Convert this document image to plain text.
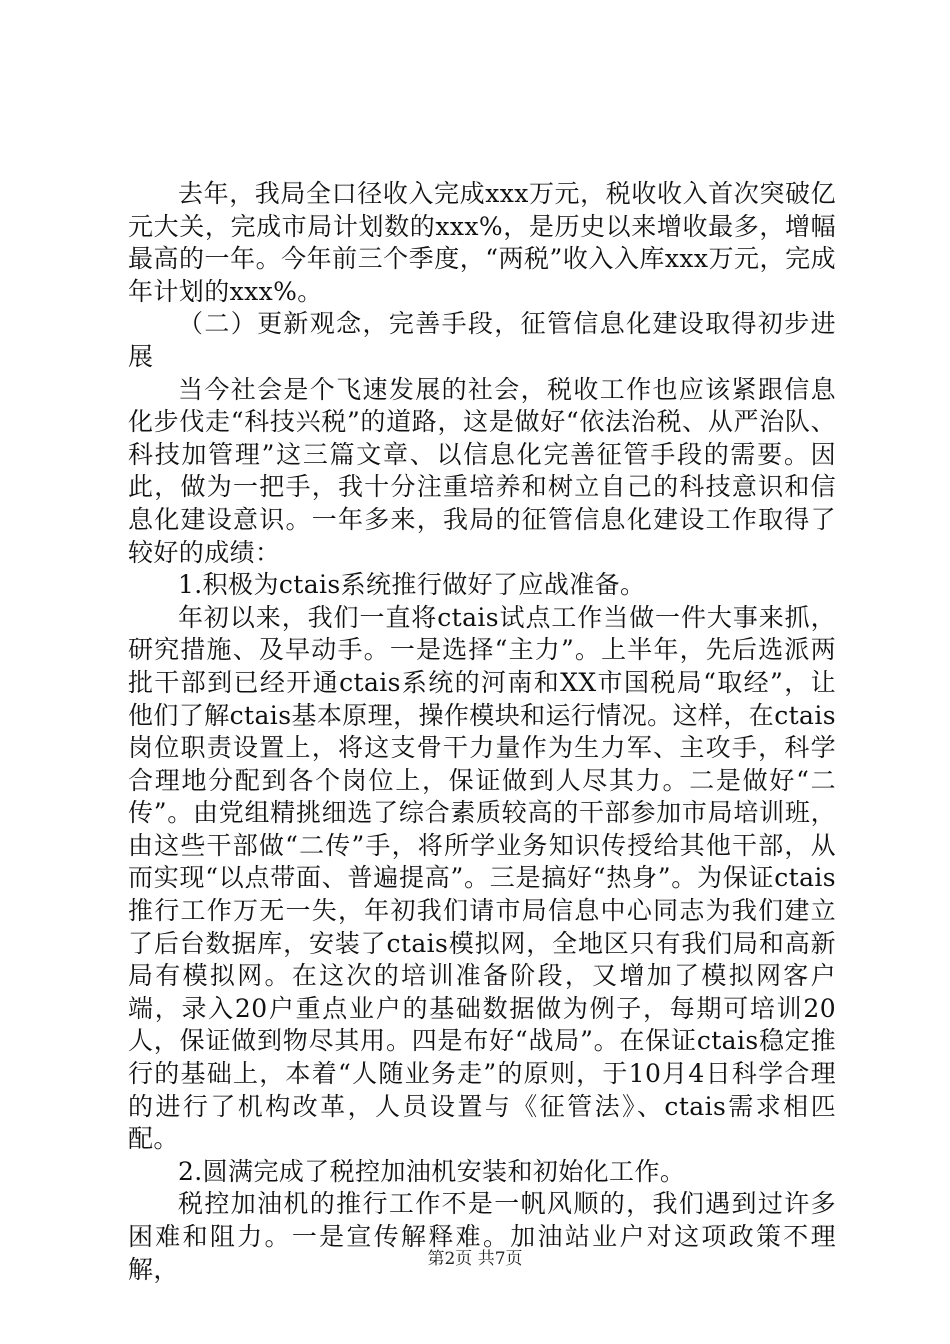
去年，我局全口径收入完成xxx万元，税收收入首次突破亿元大关，完成市局计划数的xxx%，是历史以来增收最多，增幅最高的一年。今年前三个季度，“两税”收入入库xxx万元，完成年计划的xxx%。

（二）更新观念，完善手段，征管信息化建设取得初步进展

当今社会是个飞速发展的社会，税收工作也应该紧跟信息化步伐走“科技兴税”的道路，这是做好“依法治税、从严治队、科技加管理”这三篇文章、以信息化完善征管手段的需要。因此，做为一把手，我十分注重培养和树立自己的科技意识和信息化建设意识。一年多来，我局的征管信息化建设工作取得了较好的成绩：

1.积极为ctais系统推行做好了应战准备。

年初以来，我们一直将ctais试点工作当做一件大事来抓，研究措施、及早动手。一是选择“主力”。上半年，先后选派两批干部到已经开通ctais系统的河南和XX市国税局“取经”，让他们了解ctais基本原理，操作模块和运行情况。这样，在ctais岗位职责设置上，将这支骨干力量作为生力军、主攻手，科学合理地分配到各个岗位上，保证做到人尽其力。二是做好“二传”。由党组精挑细选了综合素质较高的干部参加市局培训班，由这些干部做“二传”手，将所学业务知识传授给其他干部，从而实现“以点带面、普遍提高”。三是搞好“热身”。为保证ctais推行工作万无一失，年初我们请市局信息中心同志为我们建立了后台数据库，安装了ctais模拟网，全地区只有我们局和高新局有模拟网。在这次的培训准备阶段，又增加了模拟网客户端，录入20户重点业户的基础数据做为例子，每期可培训20人，保证做到物尽其用。四是布好“战局”。在保证ctais稳定推行的基础上，本着“人随业务走”的原则，于10月4日科学合理的进行了机构改革，人员设置与《征管法》、ctais需求相匹配。

2.圆满完成了税控加油机安装和初始化工作。

税控加油机的推行工作不是一帆风顺的，我们遇到过许多困难和阻力。一是宣传解释难。加油站业户对这项政策不理解，	第2页 共7页
